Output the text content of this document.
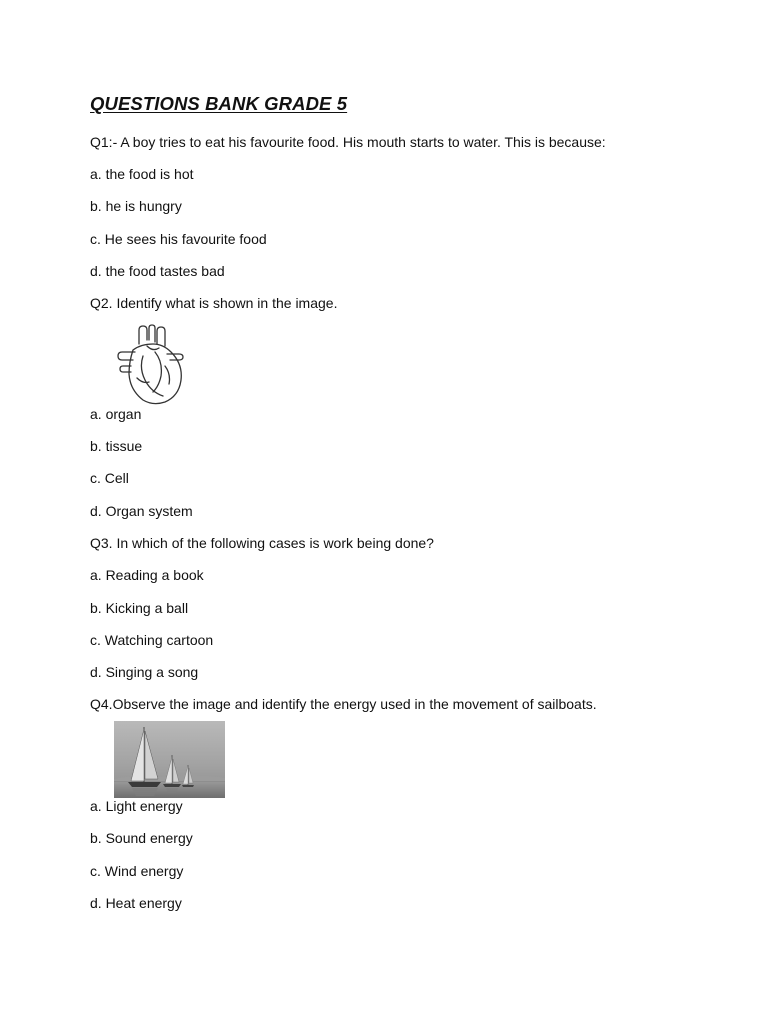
QUESTIONS BANK GRADE 5
Q1:- A boy tries to eat his favourite food. His mouth starts to water. This is because:
a. the food is hot
b. he is hungry
c. He sees his favourite food
d. the food tastes bad
Q2. Identify what is shown in the image.
a. organ
b. tissue
c. Cell
d. Organ system
Q3. In which of the following cases is work being done?
a. Reading a book
b. Kicking a ball
c. Watching cartoon
d. Singing a song
Q4.Observe the image and identify the energy used in the movement of sailboats.
a. Light energy
b. Sound energy
c. Wind energy
d. Heat energy
